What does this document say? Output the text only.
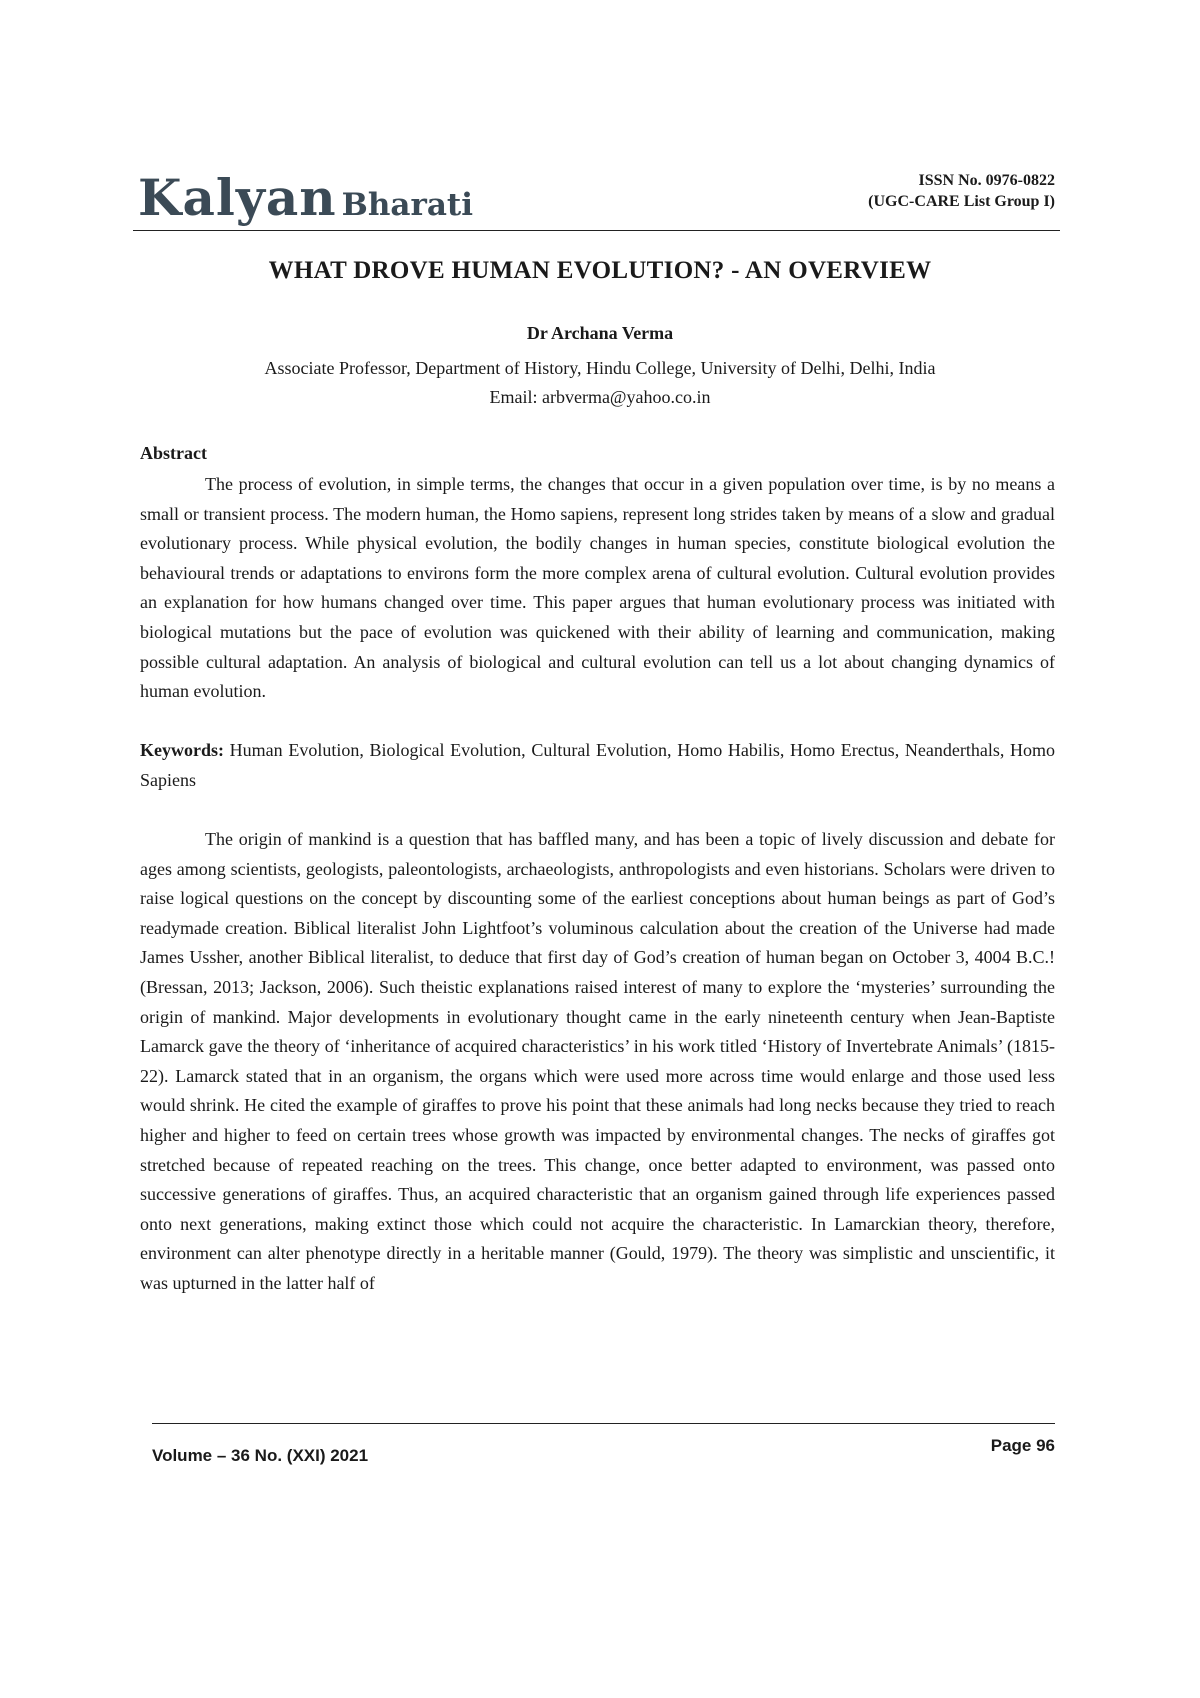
Kalyan Bharati
ISSN No. 0976-0822
(UGC-CARE List Group I)
WHAT DROVE HUMAN EVOLUTION? - AN OVERVIEW
Dr Archana Verma
Associate Professor, Department of History, Hindu College, University of Delhi, Delhi, India
Email: arbverma@yahoo.co.in
Abstract
The process of evolution, in simple terms, the changes that occur in a given population over time, is by no means a small or transient process. The modern human, the Homo sapiens, represent long strides taken by means of a slow and gradual evolutionary process. While physical evolution, the bodily changes in human species, constitute biological evolution the behavioural trends or adaptations to environs form the more complex arena of cultural evolution. Cultural evolution provides an explanation for how humans changed over time. This paper argues that human evolutionary process was initiated with biological mutations but the pace of evolution was quickened with their ability of learning and communication, making possible cultural adaptation. An analysis of biological and cultural evolution can tell us a lot about changing dynamics of human evolution.
Keywords: Human Evolution, Biological Evolution, Cultural Evolution, Homo Habilis, Homo Erectus, Neanderthals, Homo Sapiens
The origin of mankind is a question that has baffled many, and has been a topic of lively discussion and debate for ages among scientists, geologists, paleontologists, archaeologists, anthropologists and even historians. Scholars were driven to raise logical questions on the concept by discounting some of the earliest conceptions about human beings as part of God’s readymade creation. Biblical literalist John Lightfoot’s voluminous calculation about the creation of the Universe had made James Ussher, another Biblical literalist, to deduce that first day of God’s creation of human began on October 3, 4004 B.C.! (Bressan, 2013; Jackson, 2006). Such theistic explanations raised interest of many to explore the ‘mysteries’ surrounding the origin of mankind. Major developments in evolutionary thought came in the early nineteenth century when Jean-Baptiste Lamarck gave the theory of ‘inheritance of acquired characteristics’ in his work titled ‘History of Invertebrate Animals’ (1815-22). Lamarck stated that in an organism, the organs which were used more across time would enlarge and those used less would shrink. He cited the example of giraffes to prove his point that these animals had long necks because they tried to reach higher and higher to feed on certain trees whose growth was impacted by environmental changes. The necks of giraffes got stretched because of repeated reaching on the trees. This change, once better adapted to environment, was passed onto successive generations of giraffes. Thus, an acquired characteristic that an organism gained through life experiences passed onto next generations, making extinct those which could not acquire the characteristic. In Lamarckian theory, therefore, environment can alter phenotype directly in a heritable manner (Gould, 1979). The theory was simplistic and unscientific, it was upturned in the latter half of
Volume – 36 No. (XXI) 2021
Page 96
